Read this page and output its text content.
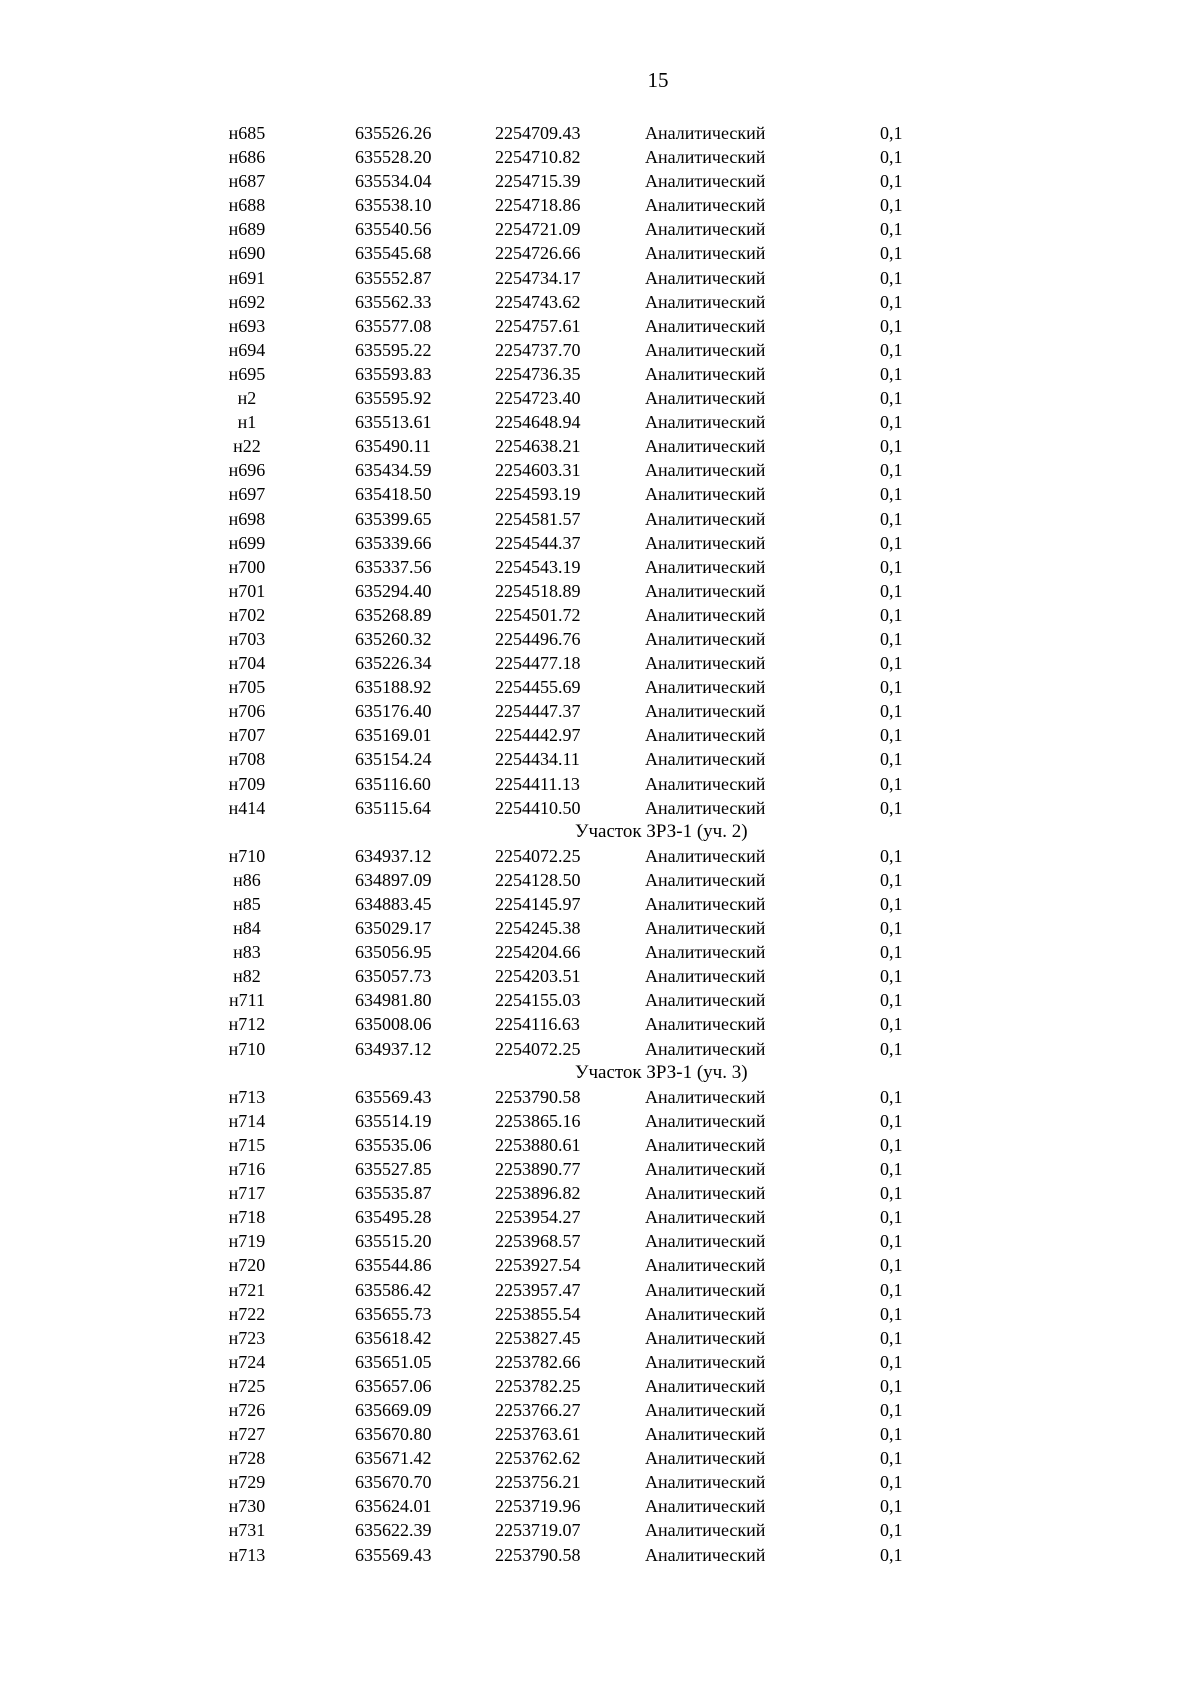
15
н685	635526.26	2254709.43	Аналитический	0,1
н686	635528.20	2254710.82	Аналитический	0,1
н687	635534.04	2254715.39	Аналитический	0,1
н688	635538.10	2254718.86	Аналитический	0,1
н689	635540.56	2254721.09	Аналитический	0,1
н690	635545.68	2254726.66	Аналитический	0,1
н691	635552.87	2254734.17	Аналитический	0,1
н692	635562.33	2254743.62	Аналитический	0,1
н693	635577.08	2254757.61	Аналитический	0,1
н694	635595.22	2254737.70	Аналитический	0,1
н695	635593.83	2254736.35	Аналитический	0,1
н2	635595.92	2254723.40	Аналитический	0,1
н1	635513.61	2254648.94	Аналитический	0,1
н22	635490.11	2254638.21	Аналитический	0,1
н696	635434.59	2254603.31	Аналитический	0,1
н697	635418.50	2254593.19	Аналитический	0,1
н698	635399.65	2254581.57	Аналитический	0,1
н699	635339.66	2254544.37	Аналитический	0,1
н700	635337.56	2254543.19	Аналитический	0,1
н701	635294.40	2254518.89	Аналитический	0,1
н702	635268.89	2254501.72	Аналитический	0,1
н703	635260.32	2254496.76	Аналитический	0,1
н704	635226.34	2254477.18	Аналитический	0,1
н705	635188.92	2254455.69	Аналитический	0,1
н706	635176.40	2254447.37	Аналитический	0,1
н707	635169.01	2254442.97	Аналитический	0,1
н708	635154.24	2254434.11	Аналитический	0,1
н709	635116.60	2254411.13	Аналитический	0,1
н414	635115.64	2254410.50	Аналитический	0,1
Участок ЗРЗ-1 (уч. 2)
н710	634937.12	2254072.25	Аналитический	0,1
н86	634897.09	2254128.50	Аналитический	0,1
н85	634883.45	2254145.97	Аналитический	0,1
н84	635029.17	2254245.38	Аналитический	0,1
н83	635056.95	2254204.66	Аналитический	0,1
н82	635057.73	2254203.51	Аналитический	0,1
н711	634981.80	2254155.03	Аналитический	0,1
н712	635008.06	2254116.63	Аналитический	0,1
н710	634937.12	2254072.25	Аналитический	0,1
Участок ЗРЗ-1 (уч. 3)
н713	635569.43	2253790.58	Аналитический	0,1
н714	635514.19	2253865.16	Аналитический	0,1
н715	635535.06	2253880.61	Аналитический	0,1
н716	635527.85	2253890.77	Аналитический	0,1
н717	635535.87	2253896.82	Аналитический	0,1
н718	635495.28	2253954.27	Аналитический	0,1
н719	635515.20	2253968.57	Аналитический	0,1
н720	635544.86	2253927.54	Аналитический	0,1
н721	635586.42	2253957.47	Аналитический	0,1
н722	635655.73	2253855.54	Аналитический	0,1
н723	635618.42	2253827.45	Аналитический	0,1
н724	635651.05	2253782.66	Аналитический	0,1
н725	635657.06	2253782.25	Аналитический	0,1
н726	635669.09	2253766.27	Аналитический	0,1
н727	635670.80	2253763.61	Аналитический	0,1
н728	635671.42	2253762.62	Аналитический	0,1
н729	635670.70	2253756.21	Аналитический	0,1
н730	635624.01	2253719.96	Аналитический	0,1
н731	635622.39	2253719.07	Аналитический	0,1
н713	635569.43	2253790.58	Аналитический	0,1
